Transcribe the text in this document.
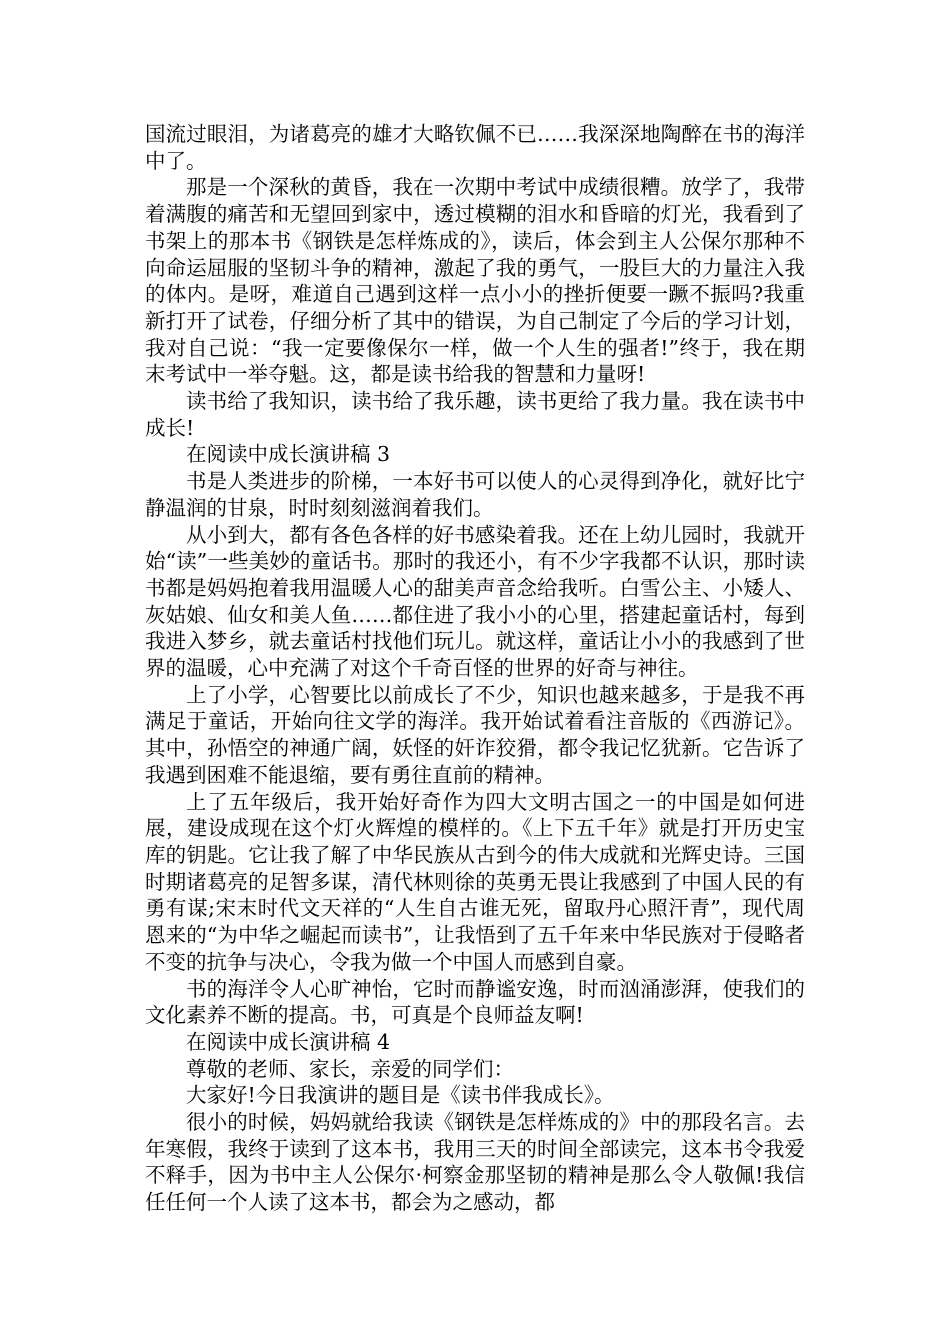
国流过眼泪，为诸葛亮的雄才大略钦佩不已……我深深地陶醉在书的海洋中了。

那是一个深秋的黄昏，我在一次期中考试中成绩很糟。放学了，我带着满腹的痛苦和无望回到家中，透过模糊的泪水和昏暗的灯光，我看到了书架上的那本书《钢铁是怎样炼成的》，读后，体会到主人公保尔那种不向命运屈服的坚韧斗争的精神，激起了我的勇气，一股巨大的力量注入我的体内。是呀，难道自己遇到这样一点小小的挫折便要一蹶不振吗?我重新打开了试卷，仔细分析了其中的错误，为自己制定了今后的学习计划，我对自己说：“我一定要像保尔一样，做一个人生的强者!”终于，我在期末考试中一举夺魁。这，都是读书给我的智慧和力量呀!

读书给了我知识，读书给了我乐趣，读书更给了我力量。我在读书中成长!

在阅读中成长演讲稿 3

书是人类进步的阶梯，一本好书可以使人的心灵得到净化，就好比宁静温润的甘泉，时时刻刻滋润着我们。

从小到大，都有各色各样的好书感染着我。还在上幼儿园时，我就开始“读”一些美妙的童话书。那时的我还小，有不少字我都不认识，那时读书都是妈妈抱着我用温暖人心的甜美声音念给我听。白雪公主、小矮人、灰姑娘、仙女和美人鱼……都住进了我小小的心里，搭建起童话村，每到我进入梦乡，就去童话村找他们玩儿。就这样，童话让小小的我感到了世界的温暖，心中充满了对这个千奇百怪的世界的好奇与神往。

上了小学，心智要比以前成长了不少，知识也越来越多，于是我不再满足于童话，开始向往文学的海洋。我开始试着看注音版的《西游记》。其中，孙悟空的神通广阔，妖怪的奸诈狡猾，都令我记忆犹新。它告诉了我遇到困难不能退缩，要有勇往直前的精神。

上了五年级后，我开始好奇作为四大文明古国之一的中国是如何进展，建设成现在这个灯火辉煌的模样的。《上下五千年》就是打开历史宝库的钥匙。它让我了解了中华民族从古到今的伟大成就和光辉史诗。三国时期诸葛亮的足智多谋，清代林则徐的英勇无畏让我感到了中国人民的有勇有谋;宋末时代文天祥的“人生自古谁无死，留取丹心照汗青”，现代周恩来的“为中华之崛起而读书”，让我悟到了五千年来中华民族对于侵略者不变的抗争与决心，令我为做一个中国人而感到自豪。

书的海洋令人心旷神怡，它时而静谧安逸，时而汹涌澎湃，使我们的文化素养不断的提高。书，可真是个良师益友啊!

在阅读中成长演讲稿 4

尊敬的老师、家长，亲爱的同学们：

大家好!今日我演讲的题目是《读书伴我成长》。

很小的时候，妈妈就给我读《钢铁是怎样炼成的》中的那段名言。去年寒假，我终于读到了这本书，我用三天的时间全部读完，这本书令我爱不释手，因为书中主人公保尔·柯察金那坚韧的精神是那么令人敬佩!我信任任何一个人读了这本书，都会为之感动，都
